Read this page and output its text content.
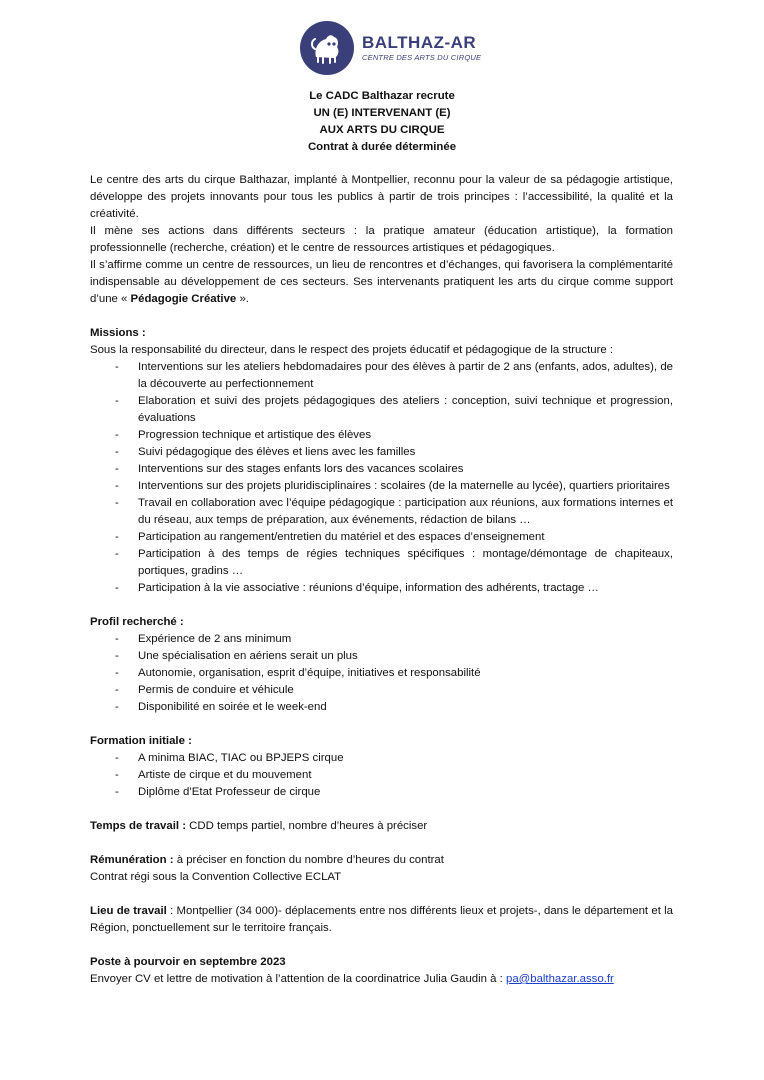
BALTHAZ-AR
CENTRE DES ARTS DU CIRQUE
Le CADC Balthazar recrute
UN (E) INTERVENANT (E)
AUX ARTS DU CIRQUE
Contrat à durée déterminée

Le centre des arts du cirque Balthazar, implanté à Montpellier, reconnu pour la valeur de sa pédagogie artistique, développe des projets innovants pour tous les publics à partir de trois principes : l’accessibilité, la qualité et la créativité.

Il mène ses actions dans différents secteurs : la pratique amateur (éducation artistique), la formation professionnelle (recherche, création) et le centre de ressources artistiques et pédagogiques.

Il s’affirme comme un centre de ressources, un lieu de rencontres et d’échanges, qui favorisera la complémentarité indispensable au développement de ces secteurs. Ses intervenants pratiquent les arts du cirque comme support d’une « Pédagogie Créative ».

Missions :

Sous la responsabilité du directeur, dans le respect des projets éducatif et pédagogique de la structure :

- Interventions sur les ateliers hebdomadaires pour des élèves à partir de 2 ans (enfants, ados, adultes), de la découverte au perfectionnement
- Elaboration et suivi des projets pédagogiques des ateliers : conception, suivi technique et progression, évaluations
- Progression technique et artistique des élèves
- Suivi pédagogique des élèves et liens avec les familles
- Interventions sur des stages enfants lors des vacances scolaires
- Interventions sur des projets pluridisciplinaires : scolaires (de la maternelle au lycée), quartiers prioritaires
- Travail en collaboration avec l’équipe pédagogique : participation aux réunions, aux formations internes et du réseau, aux temps de préparation, aux événements, rédaction de bilans …
- Participation au rangement/entretien du matériel et des espaces d’enseignement
- Participation à des temps de régies techniques spécifiques : montage/démontage de chapiteaux, portiques, gradins …
- Participation à la vie associative : réunions d’équipe, information des adhérents, tractage …

Profil recherché :

- Expérience de 2 ans minimum
- Une spécialisation en aériens serait un plus
- Autonomie, organisation, esprit d’équipe, initiatives et responsabilité
- Permis de conduire et véhicule
- Disponibilité en soirée et le week-end

Formation initiale :

- A minima BIAC, TIAC ou BPJEPS cirque
- Artiste de cirque et du mouvement
- Diplôme d’Etat Professeur de cirque

Temps de travail : CDD temps partiel, nombre d’heures à préciser

Rémunération : à préciser en fonction du nombre d’heures du contrat

Contrat régi sous la Convention Collective ECLAT

Lieu de travail : Montpellier (34 000)- déplacements entre nos différents lieux et projets-, dans le département et la Région, ponctuellement sur le territoire français.

Poste à pourvoir en septembre 2023

Envoyer CV et lettre de motivation à l’attention de la coordinatrice Julia Gaudin à : pa@balthazar.asso.fr
